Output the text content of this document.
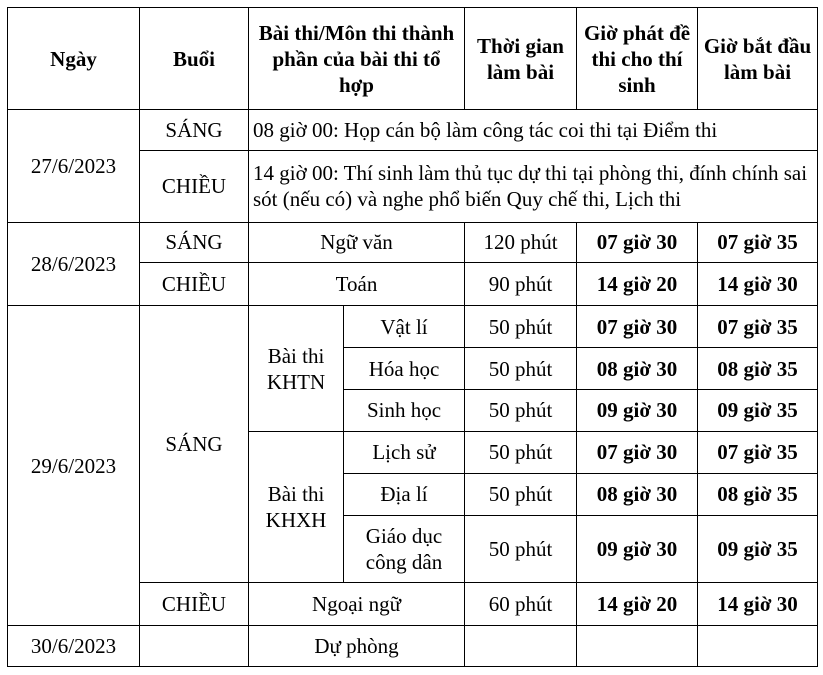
Ngày	Buổi	Bài thi/Môn thi thành phần của bài thi tổ hợp		Thời gian làm bài	Giờ phát đề thi cho thí sinh	Giờ bắt đầu làm bài
27/6/2023	SÁNG	08 giờ 00: Họp cán bộ làm công tác coi thi tại Điểm thi				
	CHIỀU	14 giờ 00: Thí sinh làm thủ tục dự thi tại phòng thi, đính chính sai sót (nếu có) và nghe phổ biến Quy chế thi, Lịch thi				
28/6/2023	SÁNG	Ngữ văn		120 phút	07 giờ 30	07 giờ 35
	CHIỀU	Toán		90 phút	14 giờ 20	14 giờ 30
29/6/2023	SÁNG	Bài thi KHTN	Vật lí	50 phút	07 giờ 30	07 giờ 35
			Hóa học	50 phút	08 giờ 30	08 giờ 35
			Sinh học	50 phút	09 giờ 30	09 giờ 35
		Bài thi KHXH	Lịch sử	50 phút	07 giờ 30	07 giờ 35
			Địa lí	50 phút	08 giờ 30	08 giờ 35
			Giáo dục công dân	50 phút	09 giờ 30	09 giờ 35
	CHIỀU	Ngoại ngữ		60 phút	14 giờ 20	14 giờ 30
30/6/2023		Dự phòng				
